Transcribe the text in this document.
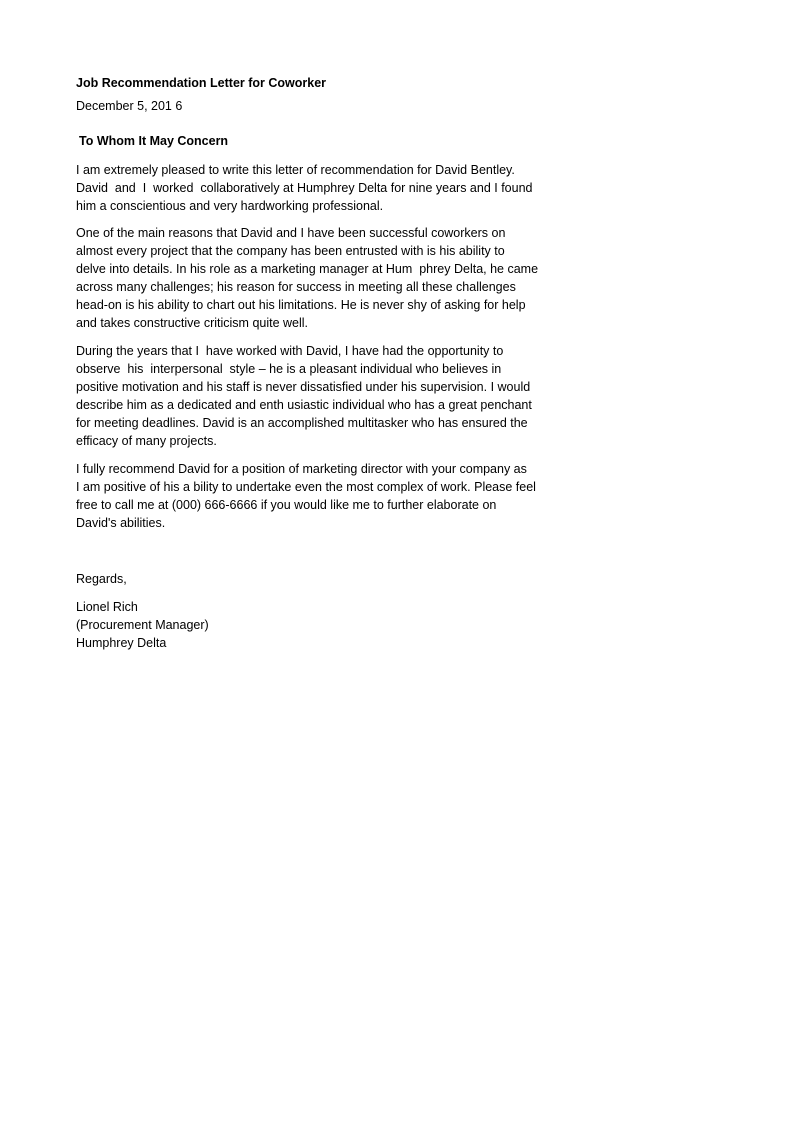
Job Recommendation Letter for Coworker
December 5, 201 6
To Whom It May Concern
I am extremely pleased to write this letter of recommendation for David Bentley.
David  and  I  worked  collaboratively at Humphrey Delta for nine years and I found
him a conscientious and very hardworking professional.
One of the main reasons that David and I have been successful coworkers on
almost every project that the company has been entrusted with is his ability to
delve into details. In his role as a marketing manager at Hum  phrey Delta, he came
across many challenges; his reason for success in meeting all these challenges
head-on is his ability to chart out his limitations. He is never shy of asking for help
and takes constructive criticism quite well.
During the years that I  have worked with David, I have had the opportunity to
observe  his  interpersonal  style – he is a pleasant individual who believes in
positive motivation and his staff is never dissatisfied under his supervision. I would
describe him as a dedicated and enth usiastic individual who has a great penchant
for meeting deadlines. David is an accomplished multitasker who has ensured the
efficacy of many projects.
I fully recommend David for a position of marketing director with your company as
I am positive of his a bility to undertake even the most complex of work. Please feel
free to call me at (000) 666-6666 if you would like me to further elaborate on
David's abilities.
Regards,
Lionel Rich
(Procurement Manager)
Humphrey Delta
